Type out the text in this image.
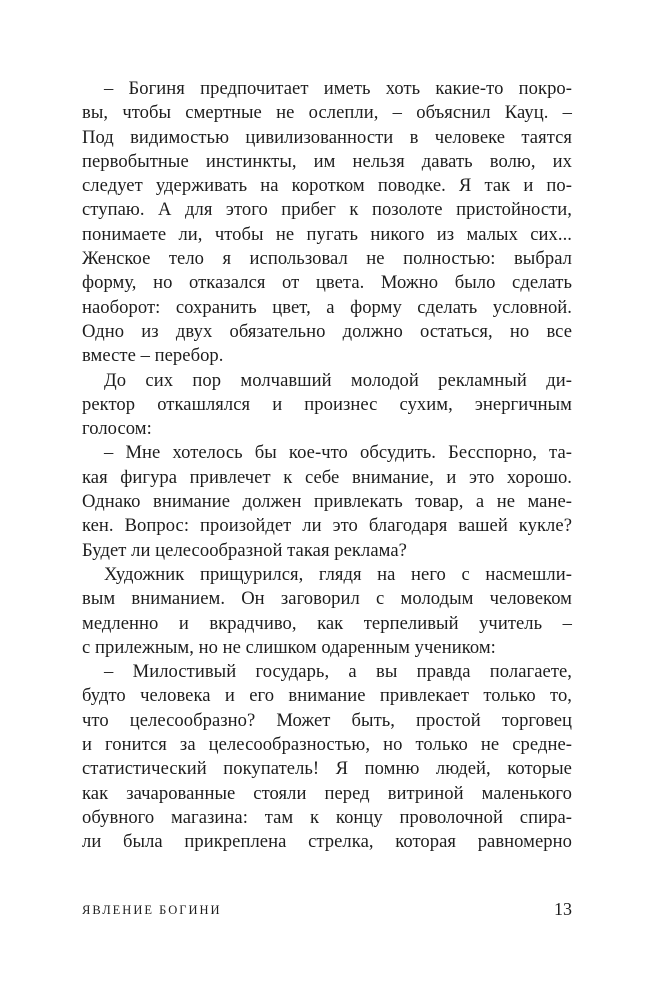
– Богиня предпочитает иметь хоть какие-то покро-
вы, чтобы смертные не ослепли, – объяснил Кауц. –
Под видимостью цивилизованности в человеке таятся
первобытные инстинкты, им нельзя давать волю, их
следует удерживать на коротком поводке. Я так и по-
ступаю. А для этого прибег к позолоте пристойности,
понимаете ли, чтобы не пугать никого из малых сих...
Женское тело я использовал не полностью: выбрал
форму, но отказался от цвета. Можно было сделать
наоборот: сохранить цвет, а форму сделать условной.
Одно из двух обязательно должно остаться, но все
вместе – перебор.
До сих пор молчавший молодой рекламный ди-
ректор откашлялся и произнес сухим, энергичным
голосом:
– Мне хотелось бы кое-что обсудить. Бесспорно, та-
кая фигура привлечет к себе внимание, и это хорошо.
Однако внимание должен привлекать товар, а не манe-
кен. Вопрос: произойдет ли это благодаря вашей кукле?
Будет ли целесообразной такая реклама?
Художник прищурился, глядя на него с насмешли-
вым вниманием. Он заговорил с молодым человеком
медленно и вкрадчиво, как терпеливый учитель –
с прилежным, но не слишком одаренным учеником:
– Милостивый государь, а вы правда полагаете,
будто человека и его внимание привлекает только то,
что целесообразно? Может быть, простой торговец
и гонится за целесообразностью, но только не средне-
статистический покупатель! Я помню людей, которые
как зачарованные стояли перед витриной маленького
обувного магазина: там к концу проволочной спира-
ли была прикреплена стрелка, которая равномерно
ЯВЛЕНИЕ БОГИНИ	13
